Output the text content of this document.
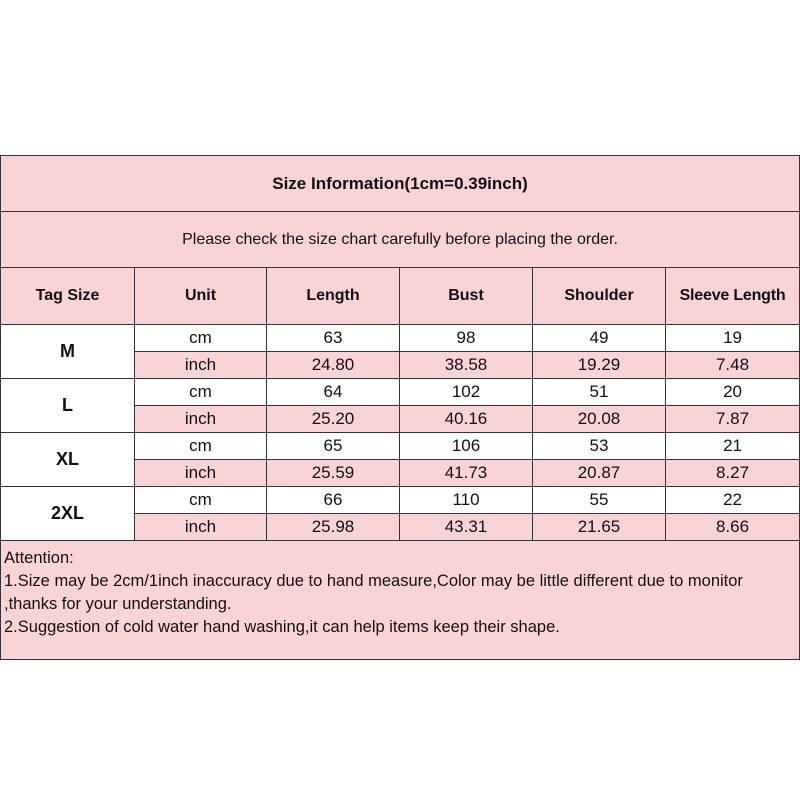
Size Information(1cm=0.39inch)					
Please check the size chart carefully before placing the order.					
Tag Size	Unit	Length	Bust	Shoulder	Sleeve Length
M	cm	63	98	49	19
	inch	24.80	38.58	19.29	7.48
L	cm	64	102	51	20
	inch	25.20	40.16	20.08	7.87
XL	cm	65	106	53	21
	inch	25.59	41.73	20.87	8.27
2XL	cm	66	110	55	22
	inch	25.98	43.31	21.65	8.66

Attention:
1.Size may be 2cm/1inch inaccuracy due to hand measure,Color may be little different due to monitor ,thanks for your understanding.
2.Suggestion of cold water hand washing,it can help items keep their shape.					
